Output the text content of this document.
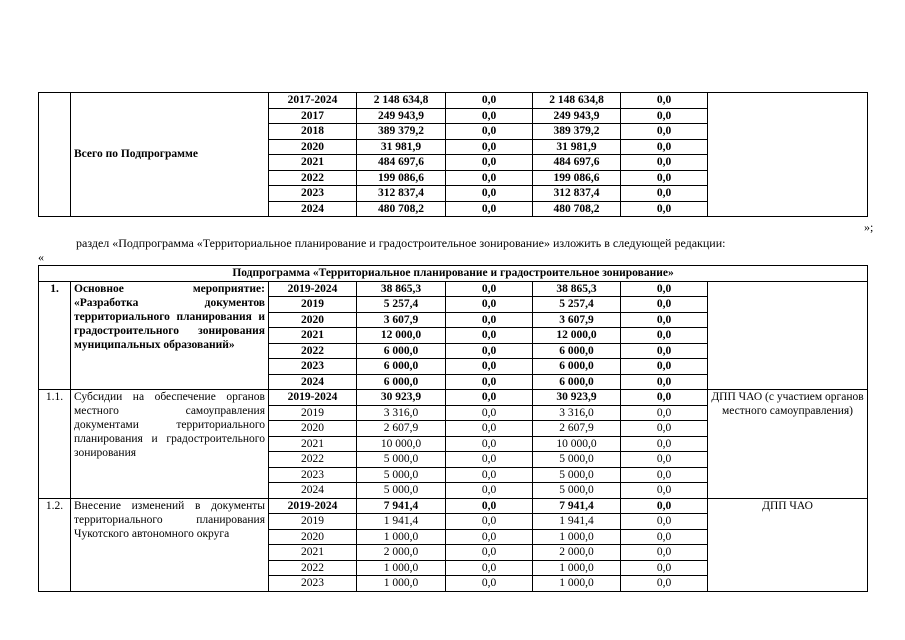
	Всего по Подпрограмме	2017-2024	2 148 634,8	0,0	2 148 634,8	0,0	
		2017	249 943,9	0,0	249 943,9	0,0	
		2018	389 379,2	0,0	389 379,2	0,0	
		2020	31 981,9	0,0	31 981,9	0,0	
		2021	484 697,6	0,0	484 697,6	0,0	
		2022	199 086,6	0,0	199 086,6	0,0	
		2023	312 837,4	0,0	312 837,4	0,0	
		2024	480 708,2	0,0	480 708,2	0,0	
»;
раздел «Подпрограмма «Территориальное планирование и градостроительное зонирование» изложить в следующей редакции:
«
Подпрограмма «Территориальное планирование и градостроительное зонирование»							
1.	Основное мероприятие: «Разработка документов территориального планирования и градостроительного зонирования муниципальных образований»	2019-2024	38 865,3	0,0	38 865,3	0,0	
		2019	5 257,4	0,0	5 257,4	0,0	
		2020	3 607,9	0,0	3 607,9	0,0	
		2021	12 000,0	0,0	12 000,0	0,0	
		2022	6 000,0	0,0	6 000,0	0,0	
		2023	6 000,0	0,0	6 000,0	0,0	
		2024	6 000,0	0,0	6 000,0	0,0	
1.1.	Субсидии на обеспечение органов местного самоуправления документами территориального планирования и градостроительного зонирования	2019-2024	30 923,9	0,0	30 923,9	0,0	ДПП ЧАО (с участием органов местного самоуправления)
		2019	3 316,0	0,0	3 316,0	0,0	
		2020	2 607,9	0,0	2 607,9	0,0	
		2021	10 000,0	0,0	10 000,0	0,0	
		2022	5 000,0	0,0	5 000,0	0,0	
		2023	5 000,0	0,0	5 000,0	0,0	
		2024	5 000,0	0,0	5 000,0	0,0	
1.2.	Внесение изменений в документы территориального планирования Чукотского автономного округа	2019-2024	7 941,4	0,0	7 941,4	0,0	ДПП ЧАО
		2019	1 941,4	0,0	1 941,4	0,0	
		2020	1 000,0	0,0	1 000,0	0,0	
		2021	2 000,0	0,0	2 000,0	0,0	
		2022	1 000,0	0,0	1 000,0	0,0	
		2023	1 000,0	0,0	1 000,0	0,0	
